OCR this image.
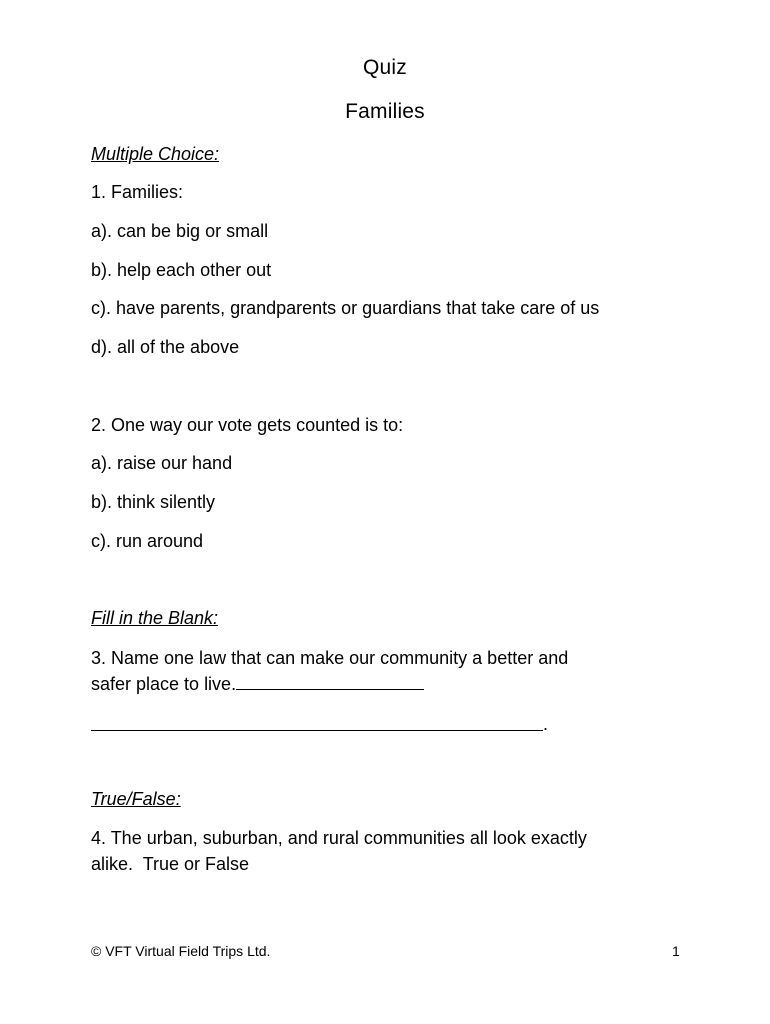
Quiz
Families
Multiple Choice:
1. Families:
a). can be big or small
b). help each other out
c). have parents, grandparents or guardians that take care of us
d). all of the above
2. One way our vote gets counted is to:
a). raise our hand
b). think silently
c). run around
Fill in the Blank:
3. Name one law that can make our community a better and
safer place to live.
.
True/False:
4. The urban, suburban, and rural communities all look exactly
alike.  True or False
© VFT Virtual Field Trips Ltd.	1
